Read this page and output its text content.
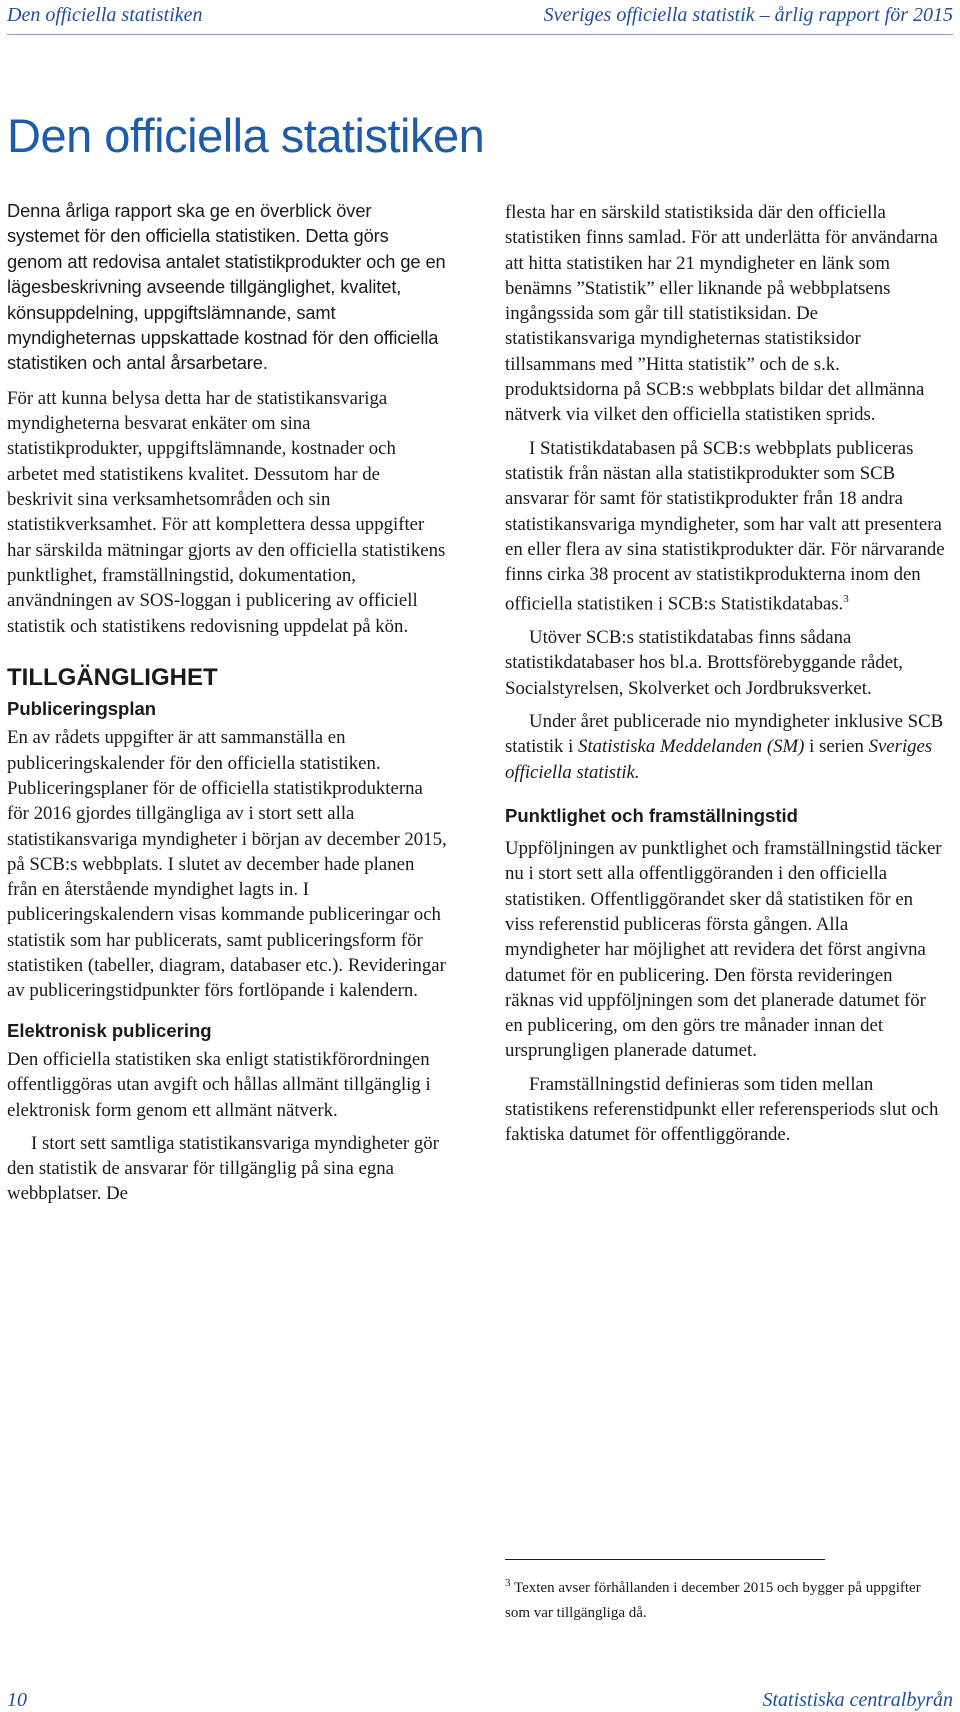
Den officiella statistiken	Sveriges officiella statistik – årlig rapport för 2015
Den officiella statistiken

Denna årliga rapport ska ge en överblick över systemet för den officiella statistiken. Detta görs genom att redovisa antalet statistikprodukter och ge en lägesbeskrivning avseende tillgänglighet, kvalitet, könsuppdelning, uppgiftslämnande, samt myndigheternas uppskattade kostnad för den officiella statistiken och antal årsarbetare.

För att kunna belysa detta har de statistikansvariga myndigheterna besvarat enkäter om sina statistikprodukter, uppgiftslämnande, kostnader och arbetet med statistikens kvalitet. Dessutom har de beskrivit sina verksamhetsområden och sin statistikverksamhet. För att komplettera dessa uppgifter har särskilda mätningar gjorts av den officiella statistikens punktlighet, framställningstid, dokumentation, användningen av SOS-loggan i publicering av officiell statistik och statistikens redovisning uppdelat på kön.

TILLGÄNGLIGHET
Publiceringsplan

En av rådets uppgifter är att sammanställa en publiceringskalender för den officiella statistiken. Publiceringsplaner för de officiella statistikprodukterna för 2016 gjordes tillgängliga av i stort sett alla statistikansvariga myndigheter i början av december 2015, på SCB:s webbplats. I slutet av december hade planen från en återstående myndighet lagts in. I publiceringskalendern visas kommande publiceringar och statistik som har publicerats, samt publiceringsform för statistiken (tabeller, diagram, databaser etc.). Revideringar av publiceringstidpunkter förs fortlöpande i kalendern.

Elektronisk publicering

Den officiella statistiken ska enligt statistikförordningen offentliggöras utan avgift och hållas allmänt tillgänglig i elektronisk form genom ett allmänt nätverk.

I stort sett samtliga statistikansvariga myndigheter gör den statistik de ansvarar för tillgänglig på sina egna webbplatser. De

flesta har en särskild statistiksida där den officiella statistiken finns samlad. För att underlätta för användarna att hitta statistiken har 21 myndigheter en länk som benämns ”Statistik” eller liknande på webbplatsens ingångssida som går till statistiksidan. De statistikansvariga myndigheternas statistiksidor tillsammans med ”Hitta statistik” och de s.k. produktsidorna på SCB:s webbplats bildar det allmänna nätverk via vilket den officiella statistiken sprids.

I Statistikdatabasen på SCB:s webbplats publiceras statistik från nästan alla statistikprodukter som SCB ansvarar för samt för statistikprodukter från 18 andra statistikansvariga myndigheter, som har valt att presentera en eller flera av sina statistikprodukter där. För närvarande finns cirka 38 procent av statistikprodukterna inom den officiella statistiken i SCB:s Statistikdatabas.$^3$

Utöver SCB:s statistikdatabas finns sådana statistikdatabaser hos bl.a. Brottsförebyggande rådet, Socialstyrelsen, Skolverket och Jordbruksverket.

Under året publicerade nio myndigheter inklusive SCB statistik i Statistiska Meddelanden (SM) i serien Sveriges officiella statistik.

Punktlighet och framställningstid

Uppföljningen av punktlighet och framställningstid täcker nu i stort sett alla offentliggöranden i den officiella statistiken. Offentliggörandet sker då statistiken för en viss referenstid publiceras första gången. Alla myndigheter har möjlighet att revidera det först angivna datumet för en publicering. Den första revideringen räknas vid uppföljningen som det planerade datumet för en publicering, om den görs tre månader innan det ursprungligen planerade datumet.

Framställningstid definieras som tiden mellan statistikens referenstidpunkt eller referensperiods slut och faktiska datumet för offentliggörande.

$^3$ Texten avser förhållanden i december 2015 och bygger på uppgifter som var tillgängliga då.
10	Statistiska centralbyrån
